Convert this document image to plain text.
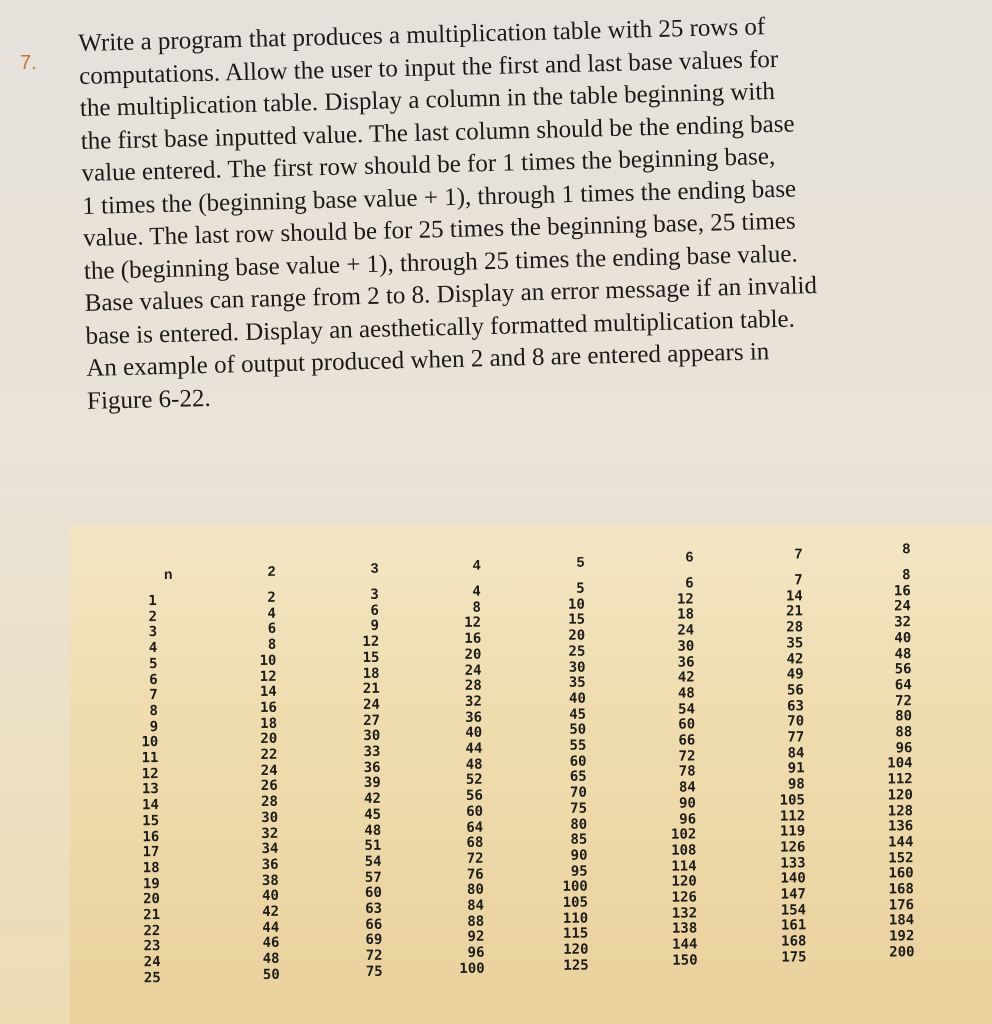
7.
Write a program that produces a multiplication table with 25 rows of
computations. Allow the user to input the first and last base values for
the multiplication table. Display a column in the table beginning with
the first base inputted value. The last column should be the ending base
value entered. The first row should be for 1 times the beginning base,
1 times the (beginning base value + 1), through 1 times the ending base
value. The last row should be for 25 times the beginning base, 25 times
the (beginning base value + 1), through 25 times the ending base value.
Base values can range from 2 to 8. Display an error message if an invalid
base is entered. Display an aesthetically formatted multiplication table.
An example of output produced when 2 and 8 are entered appears in
Figure 6-22.
n	2	3	4	5	6	7	8
1	2	3	4	5	6	7	8
2	4	6	8	10	12	14	16
3	6	9	12	15	18	21	24
4	8	12	16	20	24	28	32
5	10	15	20	25	30	35	40
6	12	18	24	30	36	42	48
7	14	21	28	35	42	49	56
8	16	24	32	40	48	56	64
9	18	27	36	45	54	63	72
10	20	30	40	50	60	70	80
11	22	33	44	55	66	77	88
12	24	36	48	60	72	84	96
13	26	39	52	65	78	91	104
14	28	42	56	70	84	98	112
15	30	45	60	75	90	105	120
16	32	48	64	80	96	112	128
17	34	51	68	85	102	119	136
18	36	54	72	90	108	126	144
19	38	57	76	95	114	133	152
20	40	60	80	100	120	140	160
21	42	63	84	105	126	147	168
22	44	66	88	110	132	154	176
23	46	69	92	115	138	161	184
24	48	72	96	120	144	168	192
25	50	75	100	125	150	175	200
